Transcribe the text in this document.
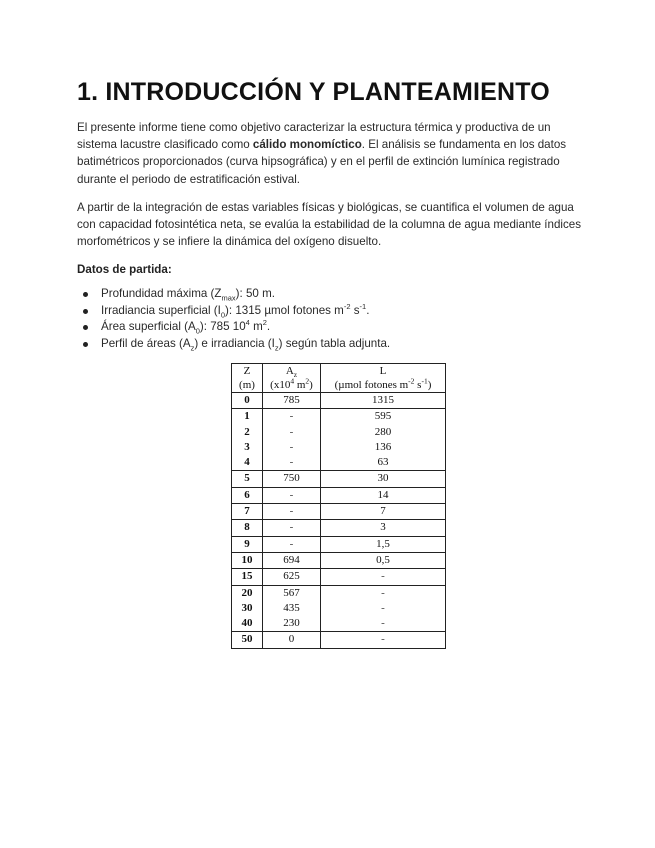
1. INTRODUCCIÓN Y PLANTEAMIENTO

El presente informe tiene como objetivo caracterizar la estructura térmica y productiva de un sistema lacustre clasificado como cálido monomíctico. El análisis se fundamenta en los datos batimétricos proporcionados (curva hipsográfica) y en el perfil de extinción lumínica registrado durante el periodo de estratificación estival.

A partir de la integración de estas variables físicas y biológicas, se cuantifica el volumen de agua con capacidad fotosintética neta, se evalúa la estabilidad de la columna de agua mediante índices morfométricos y se infiere la dinámica del oxígeno disuelto.

Datos de partida:

Profundidad máxima $(Z_{max})$: 50 m.
Irradiancia superficial $(I_0)$: 1315 µmol fotones $m^{-2}$ $s^{-1}$.
Área superficial $(A_0)$: 785 $10^4$ $m^2$.
Perfil de áreas $(A_z)$ e irradiancia $(I_z)$ según tabla adjunta.
Z	$A_z$	L
(m)	($x10^4$ $m^2$)	(µmol fotones $m^{-2}$ $s^{-1}$)
0	785	1315
1	-	595
2	-	280
3	-	136
4	-	63
5	750	30
6	-	14
7	-	7
8	-	3
9	-	1,5
10	694	0,5
15	625	-
20	567	-
30	435	-
40	230	-
50	0	-
